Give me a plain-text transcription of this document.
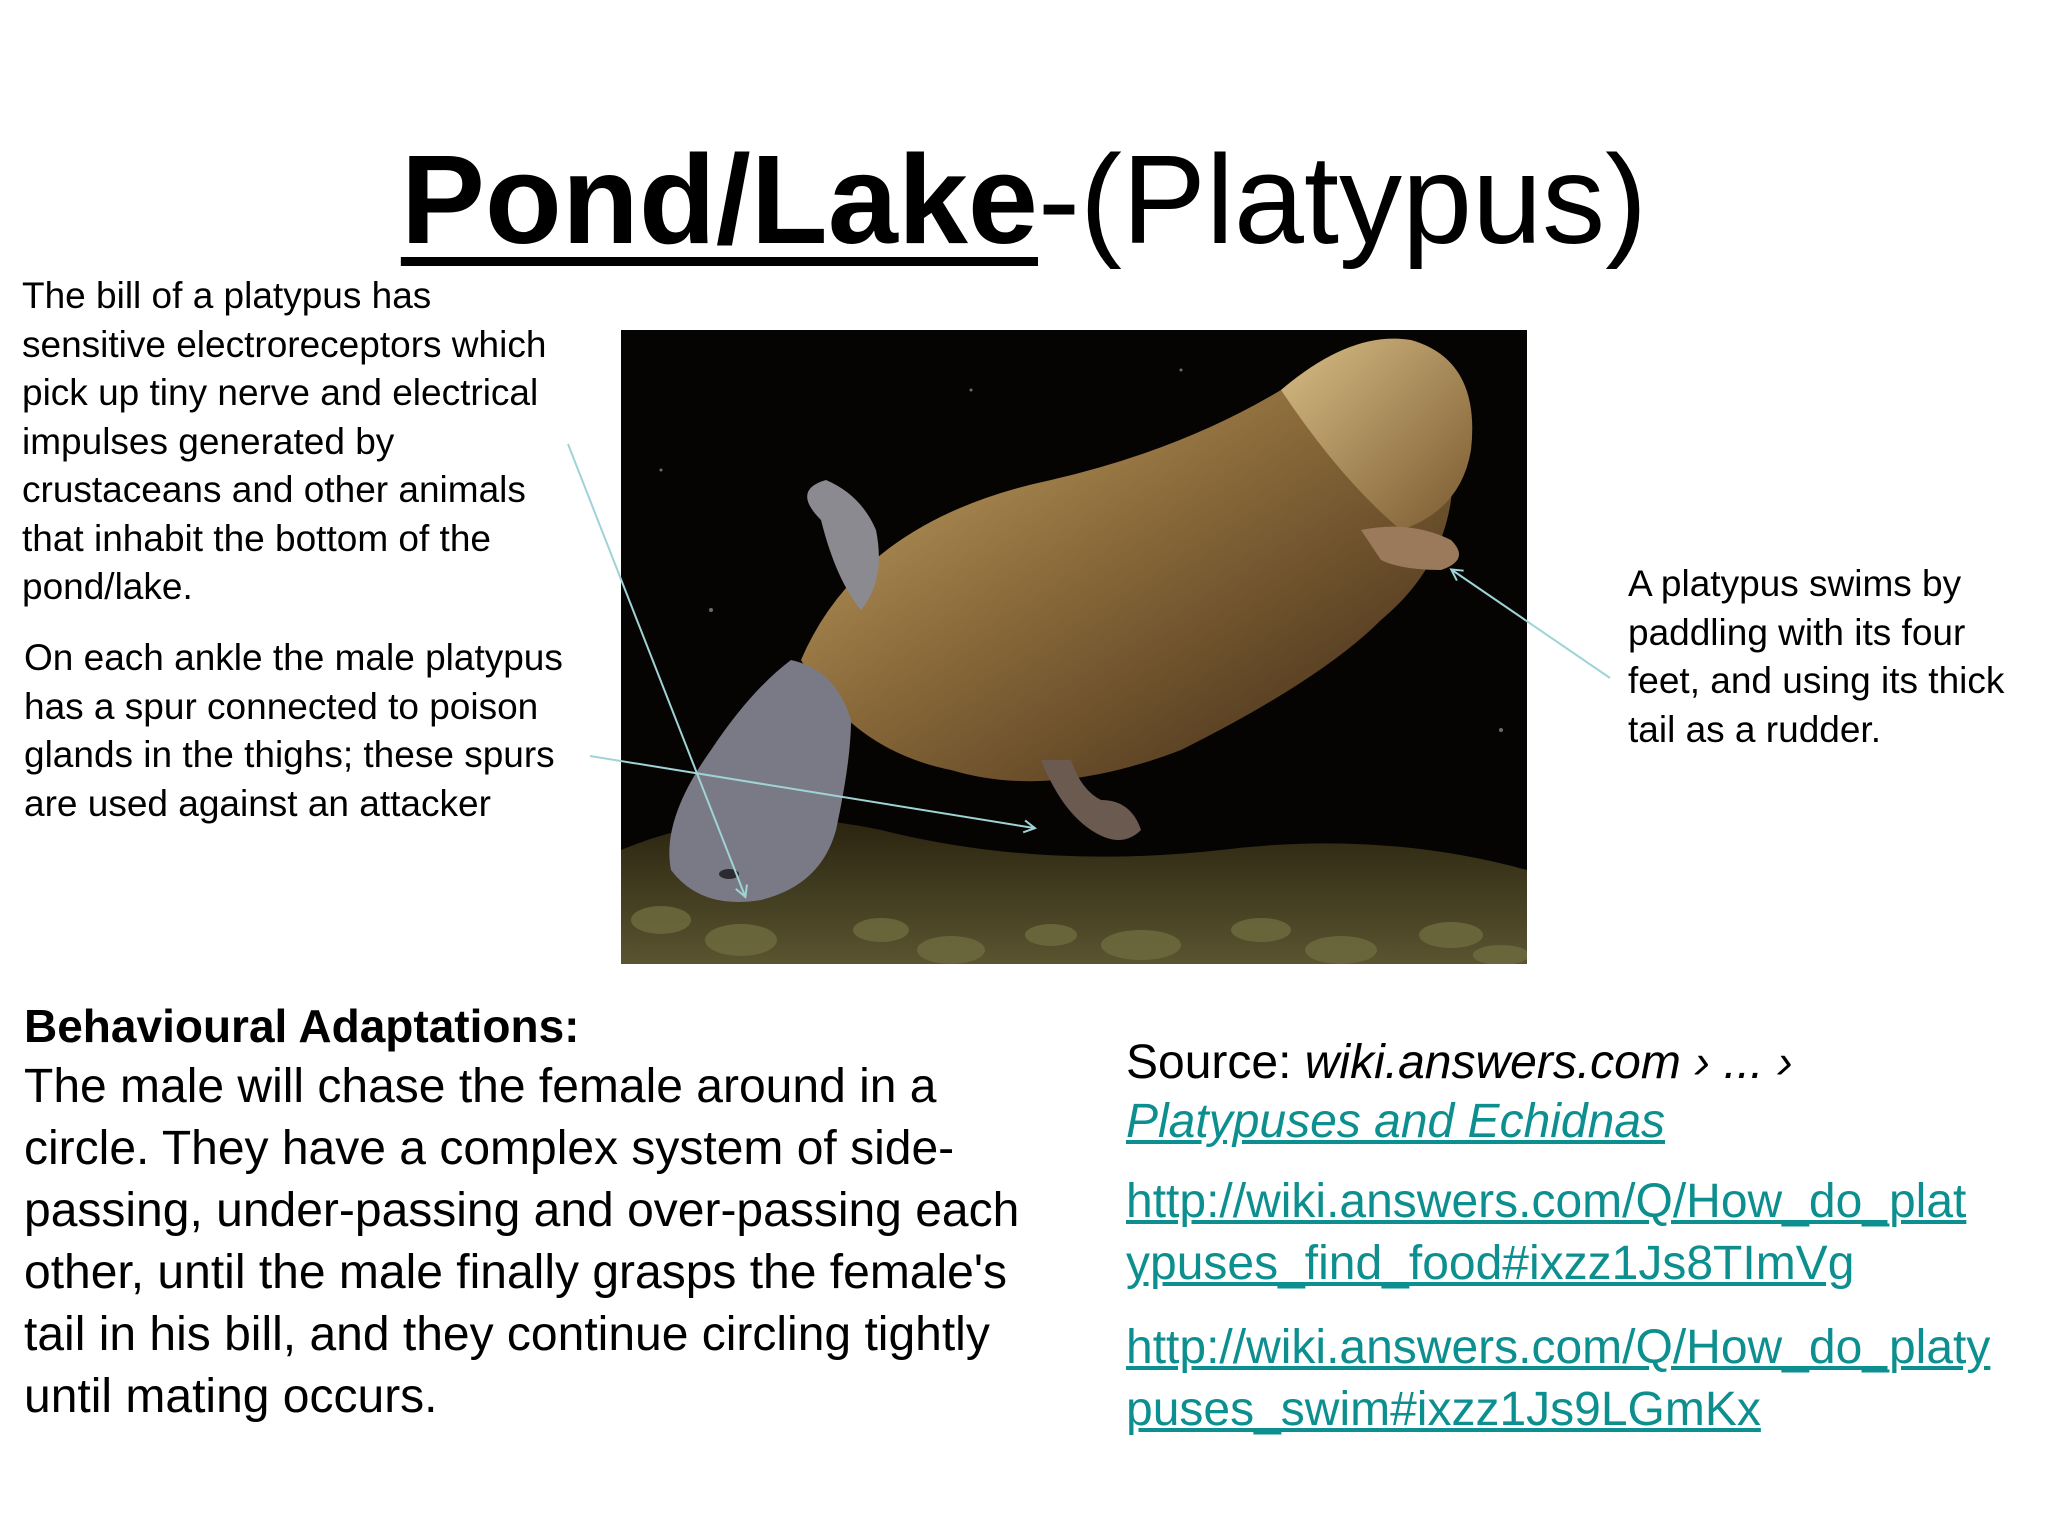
Pond/Lake-(Platypus)

The bill of a platypus has sensitive electroreceptors which pick up tiny nerve and electrical impulses generated by crustaceans and other animals that inhabit the bottom of the pond/lake.

On each ankle the male platypus has a spur connected to poison glands in the thighs; these spurs are used against an attacker

A platypus swims by paddling with its four feet, and using its thick tail as a rudder.

Behavioural Adaptations:

The male will chase the female around in a circle. They have a complex system of side-passing, under-passing and over-passing each other, until the male finally grasps the female's tail in his bill, and they continue circling tightly until mating occurs.

Source: wiki.answers.com › ... ›

Platypuses and Echidnas
http://wiki.answers.com/Q/How_do_platypuses_find_food#ixzz1Js8TImVg
http://wiki.answers.com/Q/How_do_platypuses_swim#ixzz1Js9LGmKx
